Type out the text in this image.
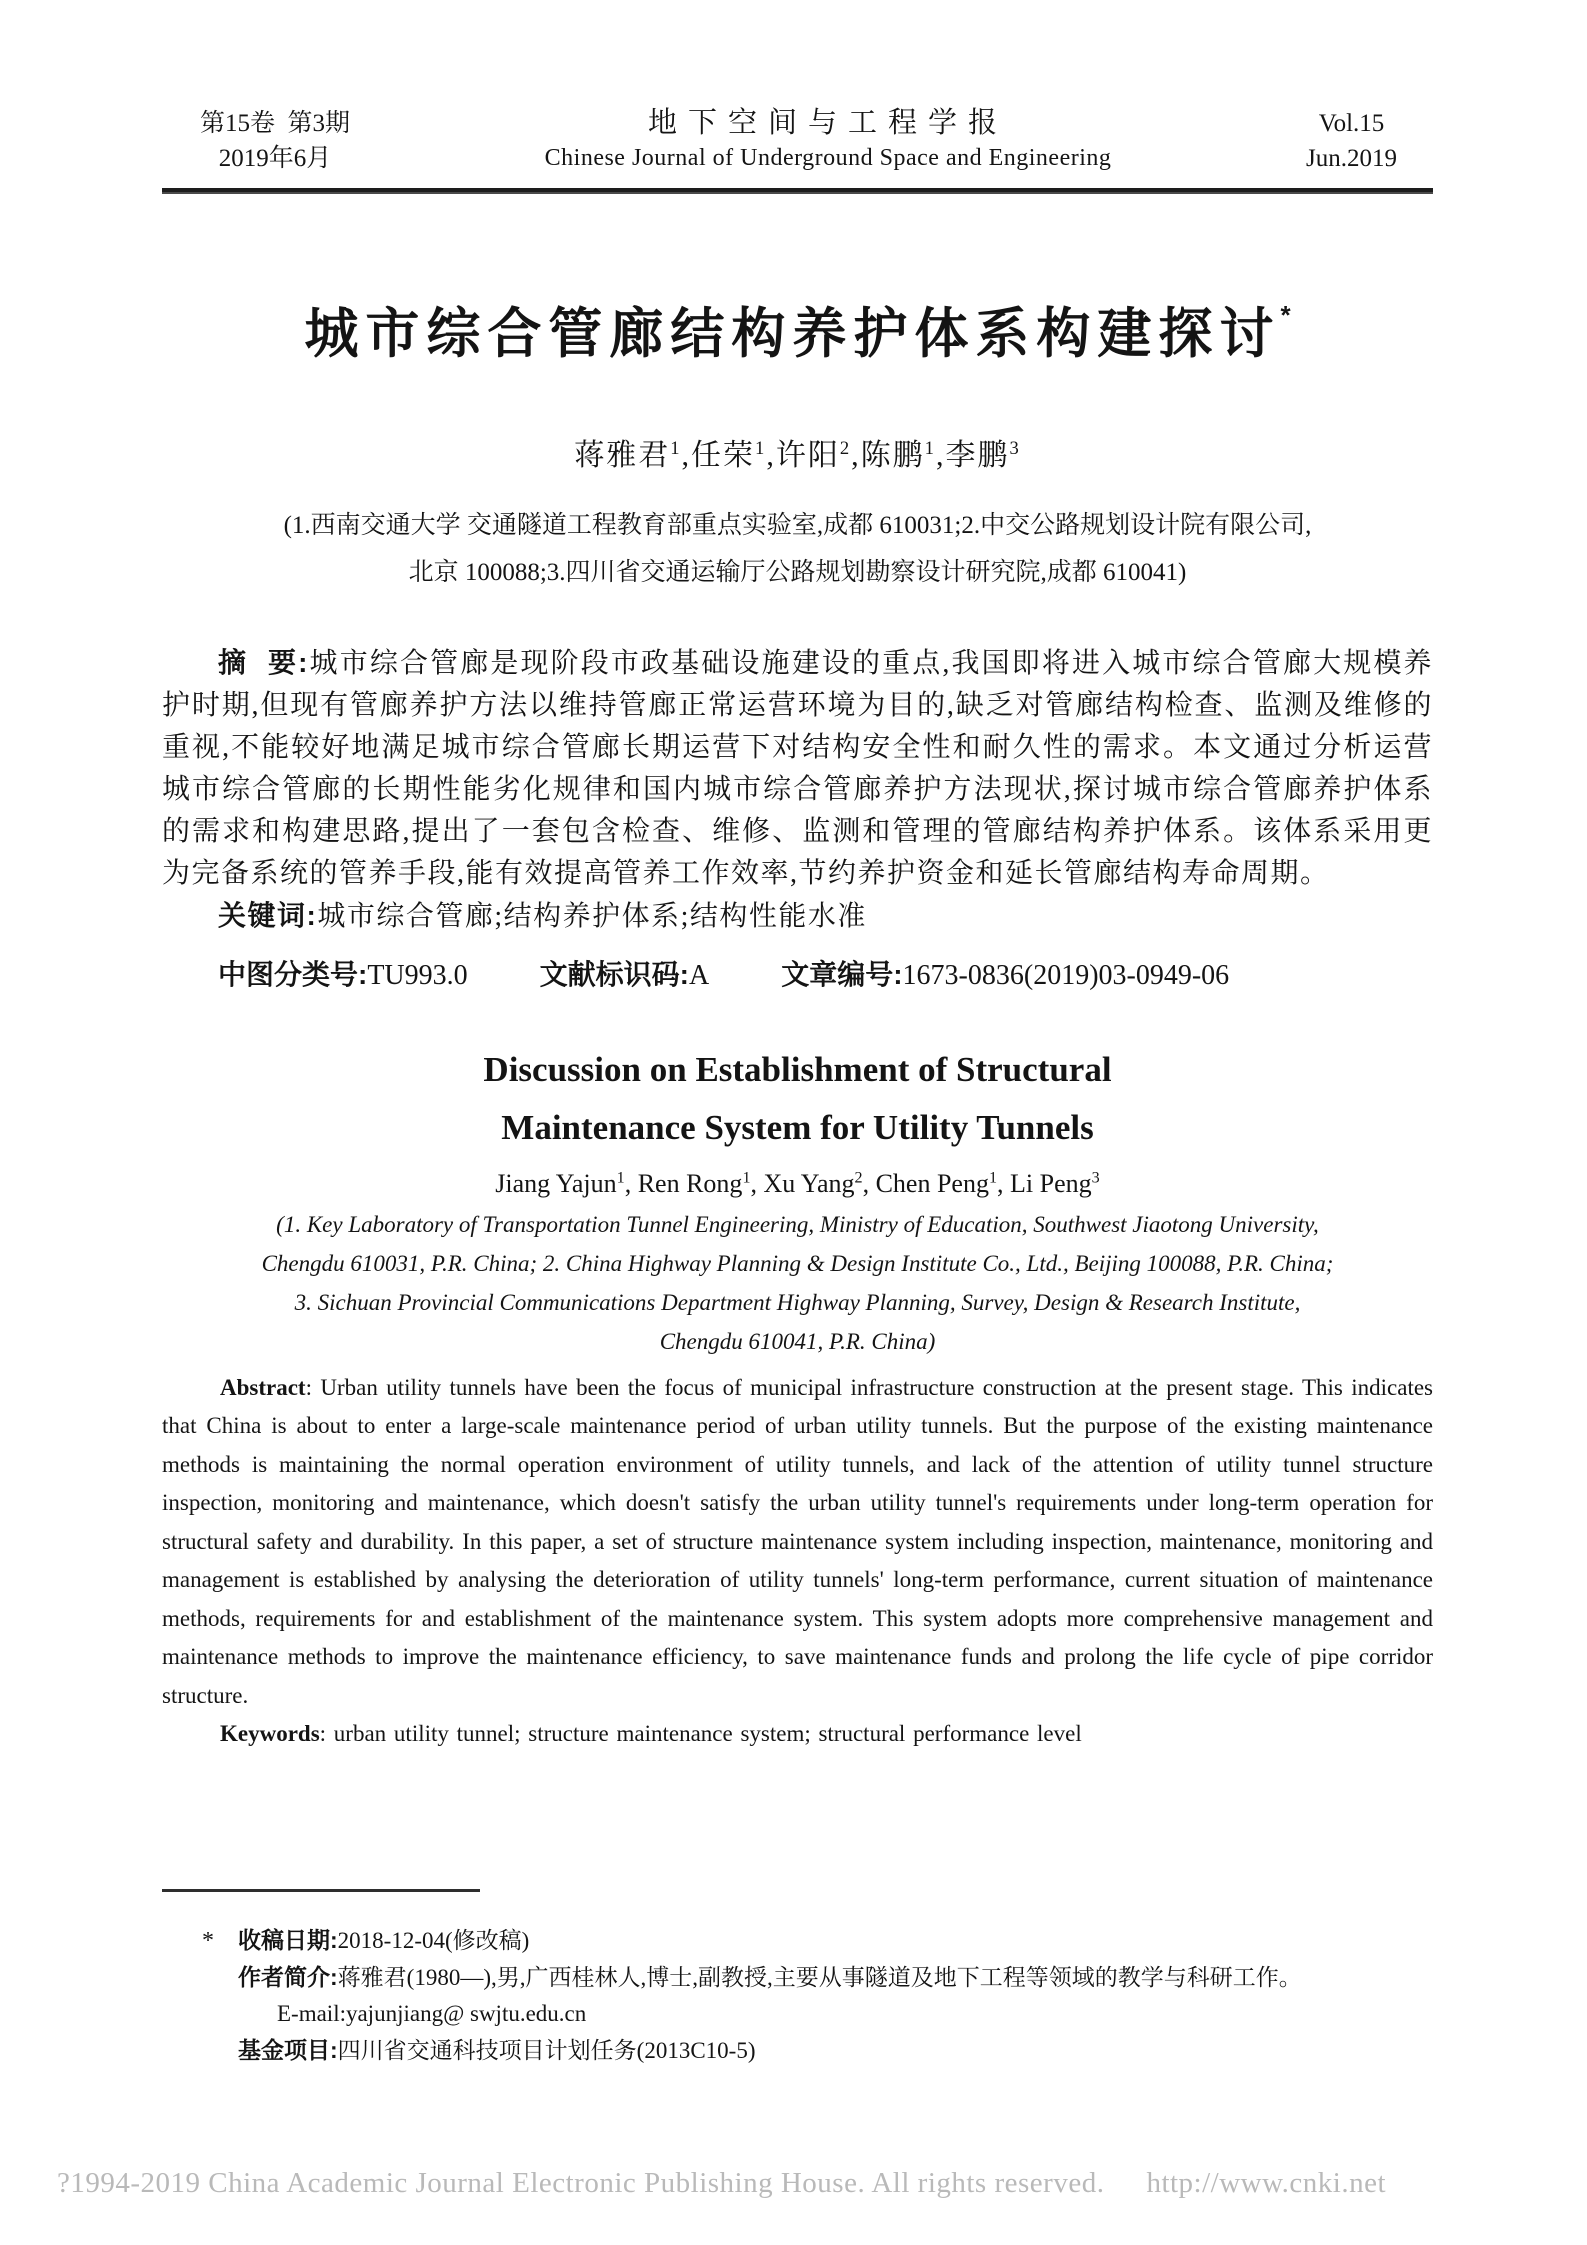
第15卷  第3期
2019年6月
地下空间与工程学报
Chinese Journal of Underground Space and Engineering
Vol.15
Jun.2019
城市综合管廊结构养护体系构建探讨*
蒋雅君$^1$,任荣$^1$,许阳$^2$,陈鹏$^1$,李鹏$^3$
(1.西南交通大学 交通隧道工程教育部重点实验室,成都 610031;2.中交公路规划设计院有限公司,
北京 100088;3.四川省交通运输厅公路规划勘察设计研究院,成都 610041)

摘  要:城市综合管廊是现阶段市政基础设施建设的重点,我国即将进入城市综合管廊大规模养护时期,但现有管廊养护方法以维持管廊正常运营环境为目的,缺乏对管廊结构检查、监测及维修的重视,不能较好地满足城市综合管廊长期运营下对结构安全性和耐久性的需求。本文通过分析运营城市综合管廊的长期性能劣化规律和国内城市综合管廊养护方法现状,探讨城市综合管廊养护体系的需求和构建思路,提出了一套包含检查、维修、监测和管理的管廊结构养护体系。该体系采用更为完备系统的管养手段,能有效提高管养工作效率,节约养护资金和延长管廊结构寿命周期。

关键词:城市综合管廊;结构养护体系;结构性能水准

中图分类号:TU993.0	文献标识码:A	文章编号:1673-0836(2019)03-0949-06

Discussion on Establishment of Structural
Maintenance System for Utility Tunnels
Jiang Yajun$^1$, Ren Rong$^1$, Xu Yang$^2$, Chen Peng$^1$, Li Peng$^3$
(1. Key Laboratory of Transportation Tunnel Engineering, Ministry of Education, Southwest Jiaotong University,
Chengdu 610031, P.R. China; 2. China Highway Planning & Design Institute Co., Ltd., Beijing 100088, P.R. China;
3. Sichuan Provincial Communications Department Highway Planning, Survey, Design & Research Institute,
Chengdu 610041, P.R. China)

Abstract: Urban utility tunnels have been the focus of municipal infrastructure construction at the present stage. This indicates that China is about to enter a large-scale maintenance period of urban utility tunnels. But the purpose of the existing maintenance methods is maintaining the normal operation environment of utility tunnels, and lack of the attention of utility tunnel structure inspection, monitoring and maintenance, which doesn't satisfy the urban utility tunnel's requirements under long-term operation for structural safety and durability. In this paper, a set of structure maintenance system including inspection, maintenance, monitoring and management is established by analysing the deterioration of utility tunnels' long-term performance, current situation of maintenance methods, requirements for and establishment of the maintenance system. This system adopts more comprehensive management and maintenance methods to improve the maintenance efficiency, to save maintenance funds and prolong the life cycle of pipe corridor structure.

Keywords: urban utility tunnel; structure maintenance system; structural performance level

* 收稿日期:2018-12-04(修改稿)
作者简介:蒋雅君(1980—),男,广西桂林人,博士,副教授,主要从事隧道及地下工程等领域的教学与科研工作。
E-mail:yajunjiang@ swjtu.edu.cn
基金项目:四川省交通科技项目计划任务(2013C10-5)
?1994-2019 China Academic Journal Electronic Publishing House. All rights reserved. http://www.cnki.net
